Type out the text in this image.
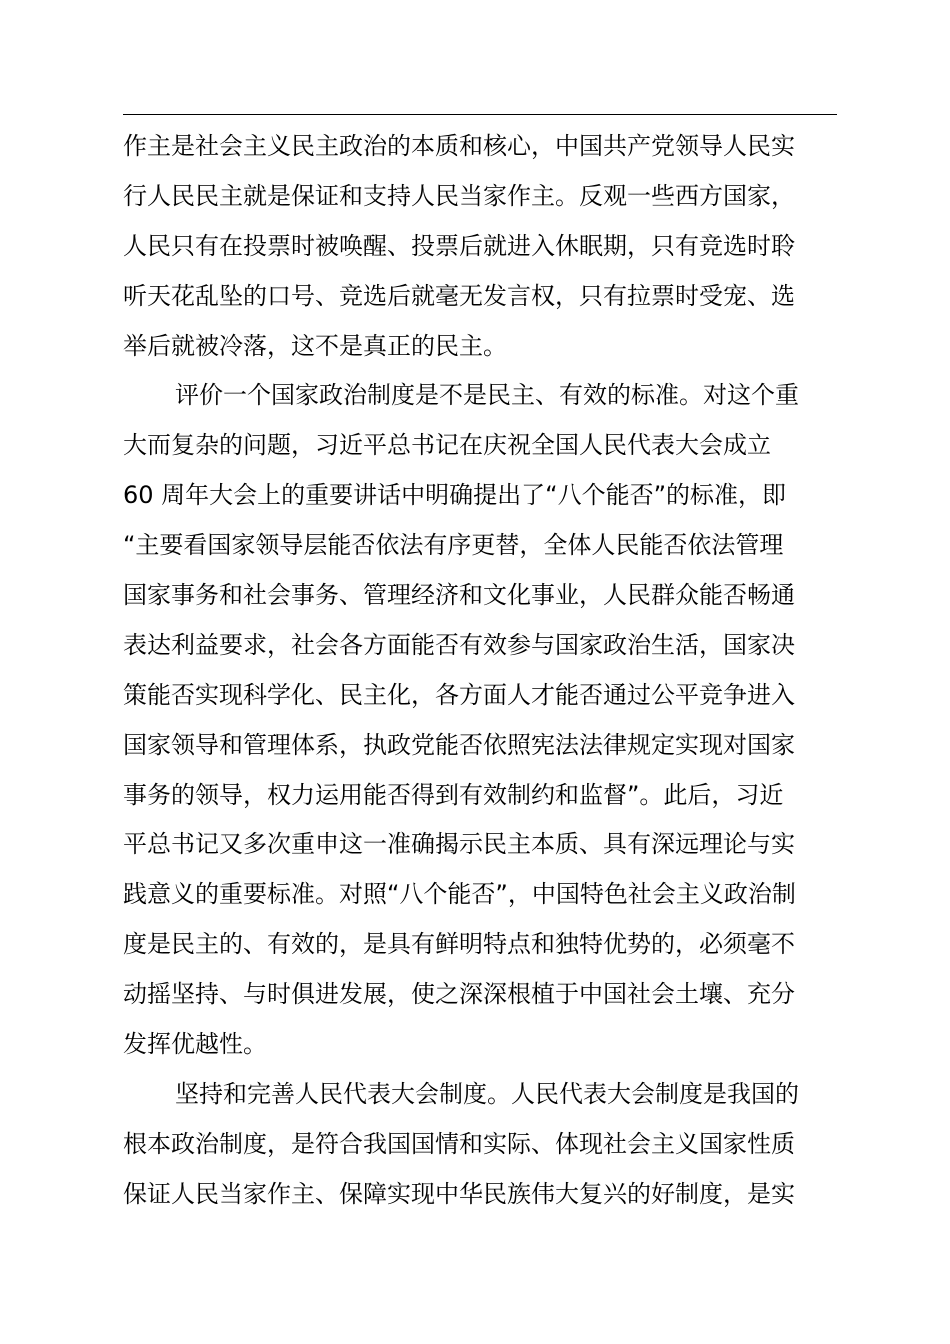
作主是社会主义民主政治的本质和核心，中国共产党领导人民实
行人民民主就是保证和支持人民当家作主。反观一些西方国家，
人民只有在投票时被唤醒、投票后就进入休眠期，只有竞选时聆
听天花乱坠的口号、竞选后就毫无发言权，只有拉票时受宠、选
举后就被冷落，这不是真正的民主。
评价一个国家政治制度是不是民主、有效的标准。对这个重
大而复杂的问题，习近平总书记在庆祝全国人民代表大会成立
60 周年大会上的重要讲话中明确提出了“八个能否”的标准，即
“主要看国家领导层能否依法有序更替，全体人民能否依法管理
国家事务和社会事务、管理经济和文化事业，人民群众能否畅通
表达利益要求，社会各方面能否有效参与国家政治生活，国家决
策能否实现科学化、民主化，各方面人才能否通过公平竞争进入
国家领导和管理体系，执政党能否依照宪法法律规定实现对国家
事务的领导，权力运用能否得到有效制约和监督”。此后，习近
平总书记又多次重申这一准确揭示民主本质、具有深远理论与实
践意义的重要标准。对照“八个能否”，中国特色社会主义政治制
度是民主的、有效的，是具有鲜明特点和独特优势的，必须毫不
动摇坚持、与时俱进发展，使之深深根植于中国社会土壤、充分
发挥优越性。
坚持和完善人民代表大会制度。人民代表大会制度是我国的
根本政治制度，是符合我国国情和实际、体现社会主义国家性质
保证人民当家作主、保障实现中华民族伟大复兴的好制度，是实
